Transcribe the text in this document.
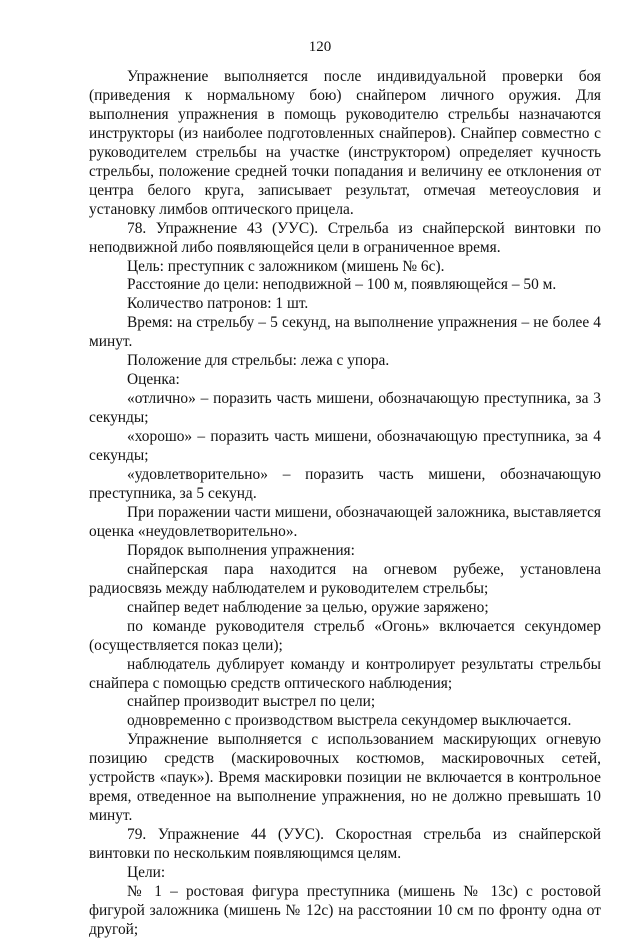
120

Упражнение выполняется после индивидуальной проверки боя (приведения к нормальному бою) снайпером личного оружия. Для выполнения упражнения в помощь руководителю стрельбы назначаются инструкторы (из наиболее подготовленных снайперов). Снайпер совместно с руководителем стрельбы на участке (инструктором) определяет кучность стрельбы, положение средней точки попадания и величину ее отклонения от центра белого круга, записывает результат, отмечая метеоусловия и установку лимбов оптического прицела.

78. Упражнение 43 (УУС). Стрельба из снайперской винтовки по неподвижной либо появляющейся цели в ограниченное время.

Цель: преступник с заложником (мишень № 6с).

Расстояние до цели: неподвижной – 100 м, появляющейся – 50 м.

Количество патронов: 1 шт.

Время: на стрельбу – 5 секунд, на выполнение упражнения – не более 4 минут.

Положение для стрельбы: лежа с упора.

Оценка:

«отлично» – поразить часть мишени, обозначающую преступника, за 3 секунды;

«хорошо» – поразить часть мишени, обозначающую преступника, за 4 секунды;

«удовлетворительно» – поразить часть мишени, обозначающую преступника, за 5 секунд.

При поражении части мишени, обозначающей заложника, выставляется оценка «неудовлетворительно».

Порядок выполнения упражнения:

снайперская пара находится на огневом рубеже, установлена радиосвязь между наблюдателем и руководителем стрельбы;

снайпер ведет наблюдение за целью, оружие заряжено;

по команде руководителя стрельб «Огонь» включается секундомер (осуществляется показ цели);

наблюдатель дублирует команду и контролирует результаты стрельбы снайпера с помощью средств оптического наблюдения;

снайпер производит выстрел по цели;

одновременно с производством выстрела секундомер выключается.

Упражнение выполняется с использованием маскирующих огневую позицию средств (маскировочных костюмов, маскировочных сетей, устройств «паук»). Время маскировки позиции не включается в контрольное время, отведенное на выполнение упражнения, но не должно превышать 10 минут.

79. Упражнение 44 (УУС). Скоростная стрельба из снайперской винтовки по нескольким появляющимся целям.

Цели:

№ 1 – ростовая фигура преступника (мишень № 13с) с ростовой фигурой заложника (мишень № 12с) на расстоянии 10 см по фронту одна от другой;
